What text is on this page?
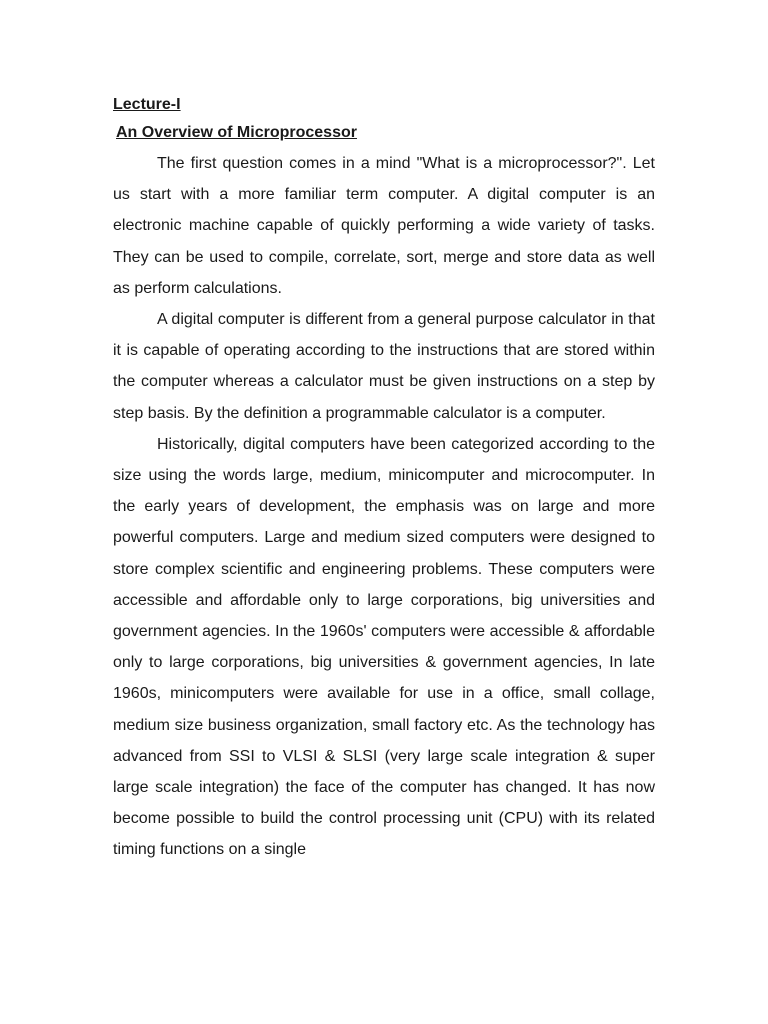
Lecture-I

An Overview of Microprocessor

The first question comes in a mind "What is a microprocessor?". Let us start with a more familiar term computer. A digital computer is an electronic machine capable of quickly performing a wide variety of tasks. They can be used to compile, correlate, sort, merge and store data as well as perform calculations.

A digital computer is different from a general purpose calculator in that it is capable of operating according to the instructions that are stored within the computer whereas a calculator must be given instructions on a step by step basis. By the definition a programmable calculator is a computer.

Historically, digital computers have been categorized according to the size using the words large, medium, minicomputer and microcomputer. In the early years of development, the emphasis was on large and more powerful computers. Large and medium sized computers were designed to store complex scientific and engineering problems. These computers were accessible and affordable only to large corporations, big universities and government agencies. In the 1960s' computers were accessible & affordable only to large corporations, big universities & government agencies, In late 1960s, minicomputers were available for use in a office, small collage, medium size business organization, small factory etc. As the technology has advanced from SSI to VLSI & SLSI (very large scale integration & super large scale integration) the face of the computer has changed. It has now become possible to build the control processing unit (CPU) with its related timing functions on a single
